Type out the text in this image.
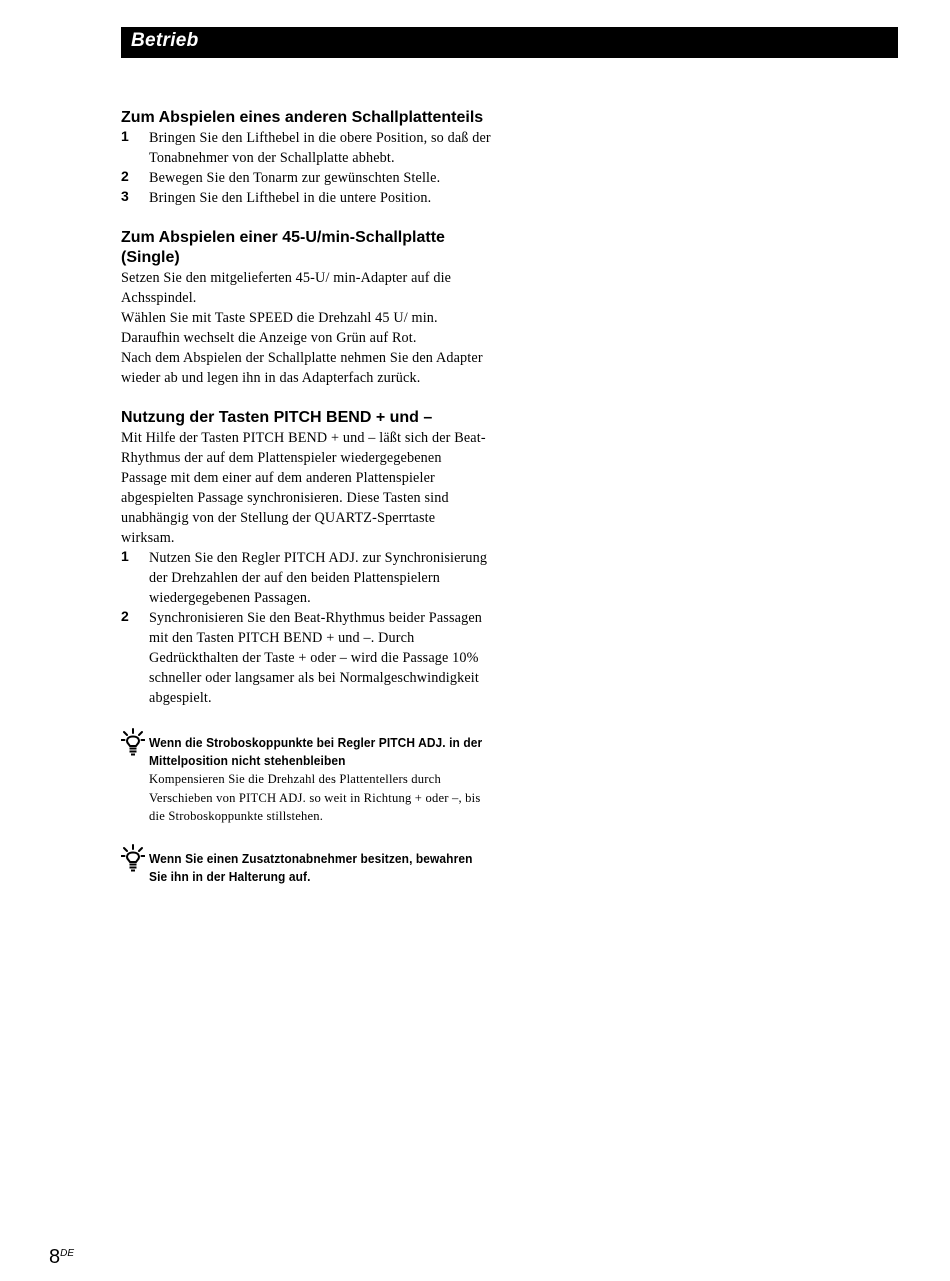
Betrieb
Zum Abspielen eines anderen Schallplattenteils
1 Bringen Sie den Lifthebel in die obere Position, so daß der Tonabnehmer von der Schallplatte abhebt.
2 Bewegen Sie den Tonarm zur gewünschten Stelle.
3 Bringen Sie den Lifthebel in die untere Position.
Zum Abspielen einer 45-U/min-Schallplatte (Single)

Setzen Sie den mitgelieferten 45-U/ min-Adapter auf die Achsspindel.

Wählen Sie mit Taste SPEED die Drehzahl 45 U/ min. Daraufhin wechselt die Anzeige von Grün auf Rot.

Nach dem Abspielen der Schallplatte nehmen Sie den Adapter wieder ab und legen ihn in das Adapterfach zurück.

Nutzung der Tasten PITCH BEND + und –

Mit Hilfe der Tasten PITCH BEND + und – läßt sich der Beat-Rhythmus der auf dem Plattenspieler wiedergegebenen Passage mit dem einer auf dem anderen Plattenspieler abgespielten Passage synchronisieren. Diese Tasten sind unabhängig von der Stellung der QUARTZ-Sperrtaste wirksam.

1 Nutzen Sie den Regler PITCH ADJ. zur Synchronisierung der Drehzahlen der auf den beiden Plattenspielern wiedergegebenen Passagen.
2 Synchronisieren Sie den Beat-Rhythmus beider Passagen mit den Tasten PITCH BEND + und –. Durch Gedrückthalten der Taste + oder – wird die Passage 10% schneller oder langsamer als bei Normalgeschwindigkeit abgespielt.
Wenn die Stroboskoppunkte bei Regler PITCH ADJ. in der Mittelposition nicht stehenbleiben
Kompensieren Sie die Drehzahl des Plattentellers durch Verschieben von PITCH ADJ. so weit in Richtung + oder –, bis die Stroboskoppunkte stillstehen.
Wenn Sie einen Zusatztonabnehmer besitzen, bewahren Sie ihn in der Halterung auf.
8DE
